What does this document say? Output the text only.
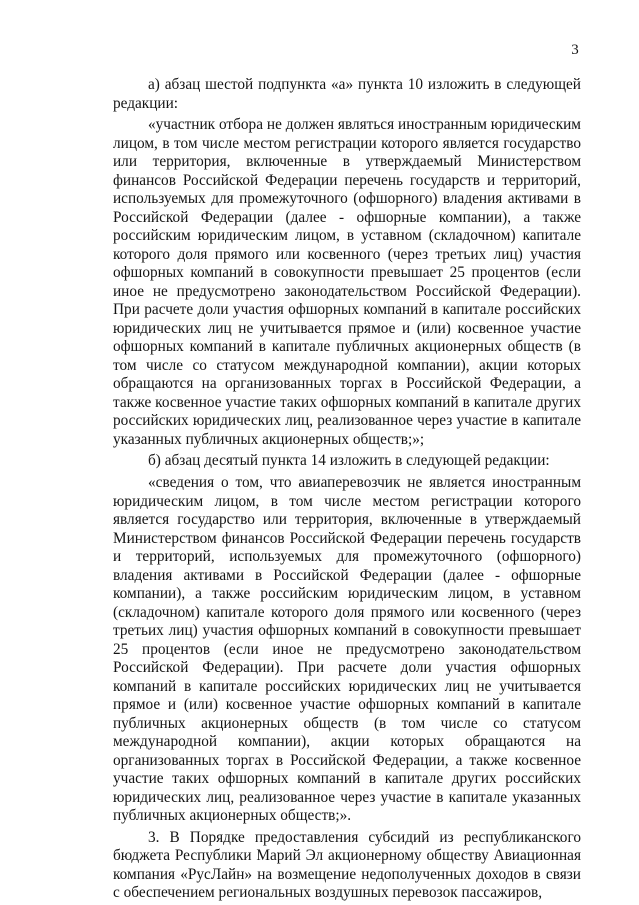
3

а) абзац шестой подпункта «а» пункта 10 изложить в следующей редакции:

«участник отбора не должен являться иностранным юридическим лицом, в том числе местом регистрации которого является государство или территория, включенные в утверждаемый Министерством финансов Российской Федерации перечень государств и территорий, используемых для промежуточного (офшорного) владения активами в Российской Федерации (далее - офшорные компании), а также российским юридическим лицом, в уставном (складочном) капитале которого доля прямого или косвенного (через третьих лиц) участия офшорных компаний в совокупности превышает 25 процентов (если иное не предусмотрено законодательством Российской Федерации). При расчете доли участия офшорных компаний в капитале российских юридических лиц не учитывается прямое и (или) косвенное участие офшорных компаний в капитале публичных акционерных обществ (в том числе со статусом международной компании), акции которых обращаются на организованных торгах в Российской Федерации, а также косвенное участие таких офшорных компаний в капитале других российских юридических лиц, реализованное через участие в капитале указанных публичных акционерных обществ;»;

б) абзац десятый пункта 14 изложить в следующей редакции:

«сведения о том, что авиаперевозчик не является иностранным юридическим лицом, в том числе местом регистрации которого является государство или территория, включенные в утверждаемый Министерством финансов Российской Федерации перечень государств и территорий, используемых для промежуточного (офшорного) владения активами в Российской Федерации (далее - офшорные компании), а также российским юридическим лицом, в уставном (складочном) капитале которого доля прямого или косвенного (через третьих лиц) участия офшорных компаний в совокупности превышает 25 процентов (если иное не предусмотрено законодательством Российской Федерации). При расчете доли участия офшорных компаний в капитале российских юридических лиц не учитывается прямое и (или) косвенное участие офшорных компаний в капитале публичных акционерных обществ (в том числе со статусом международной компании), акции которых обращаются на организованных торгах в Российской Федерации, а также косвенное участие таких офшорных компаний в капитале других российских юридических лиц, реализованное через участие в капитале указанных публичных акционерных обществ;».

3. В Порядке предоставления субсидий из республиканского бюджета Республики Марий Эл акционерному обществу Авиационная компания «РусЛайн» на возмещение недополученных доходов в связи с обеспечением региональных воздушных перевозок пассажиров,
